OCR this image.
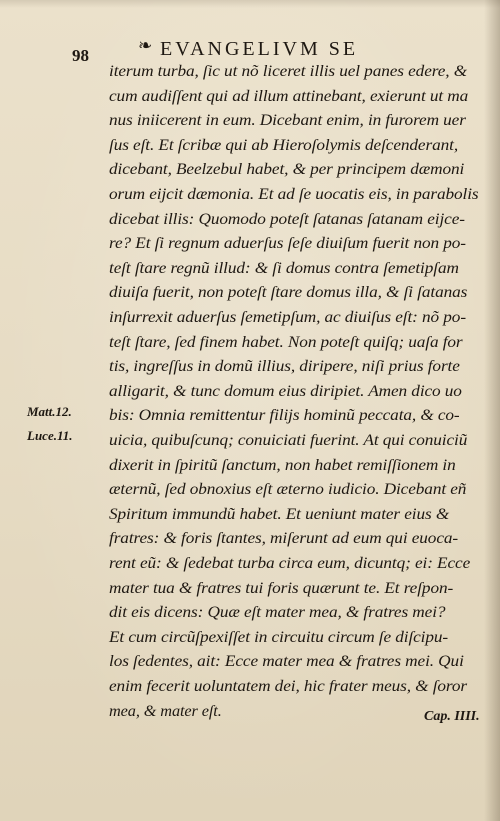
98	❧ EVANGELIVM SE
Matt.12.
Luce.11.
iterum turba, ſic ut nõ liceret illis uel panes edere, &
cum audiſſent qui ad illum attinebant, exierunt ut ma
nus iniicerent in eum. Dicebant enim, in furorem uer
ſus eſt. Et ſcribæ qui ab Hieroſolymis deſcenderant,
dicebant, Beelzebul habet, & per principem dæmoni
orum eijcit dæmonia. Et ad ſe uocatis eis, in parabolis
dicebat illis: Quomodo poteſt ſatanas ſatanam eijce-
re? Et ſi regnum aduerſus ſeſe diuiſum fuerit non po-
teſt ſtare regnũ illud: & ſi domus contra ſemetipſam
diuiſa fuerit, non poteſt ſtare domus illa, & ſi ſatanas
inſurrexit aduerſus ſemetipſum, ac diuiſus eſt: nõ po-
teſt ſtare, ſed finem habet. Non poteſt quiſq; uaſa for
tis, ingreſſus in domũ illius, diripere, niſi prius forte
alligarit, & tunc domum eius diripiet. Amen dico uo
bis: Omnia remittentur filijs hominũ peccata, & co-
uicia, quibuſcunq; conuiciati fuerint. At qui conuiciũ
dixerit in ſpiritũ ſanctum, non habet remiſſionem in
æternũ, ſed obnoxius eſt æterno iudicio. Dicebant eñ
Spiritum immundũ habet. Et ueniunt mater eius &
fratres: & foris ſtantes, miſerunt ad eum qui euoca-
rent eũ: & ſedebat turba circa eum, dicuntq; ei: Ecce
mater tua & fratres tui foris quærunt te. Et reſpon-
dit eis dicens: Quæ eſt mater mea, & fratres mei?
Et cum circũſpexiſſet in circuitu circum ſe diſcipu-
los ſedentes, ait: Ecce mater mea & fratres mei. Qui
enim fecerit uoluntatem dei, hic frater meus, & ſoror
mea, & mater eſt.	Cap. IIII.
